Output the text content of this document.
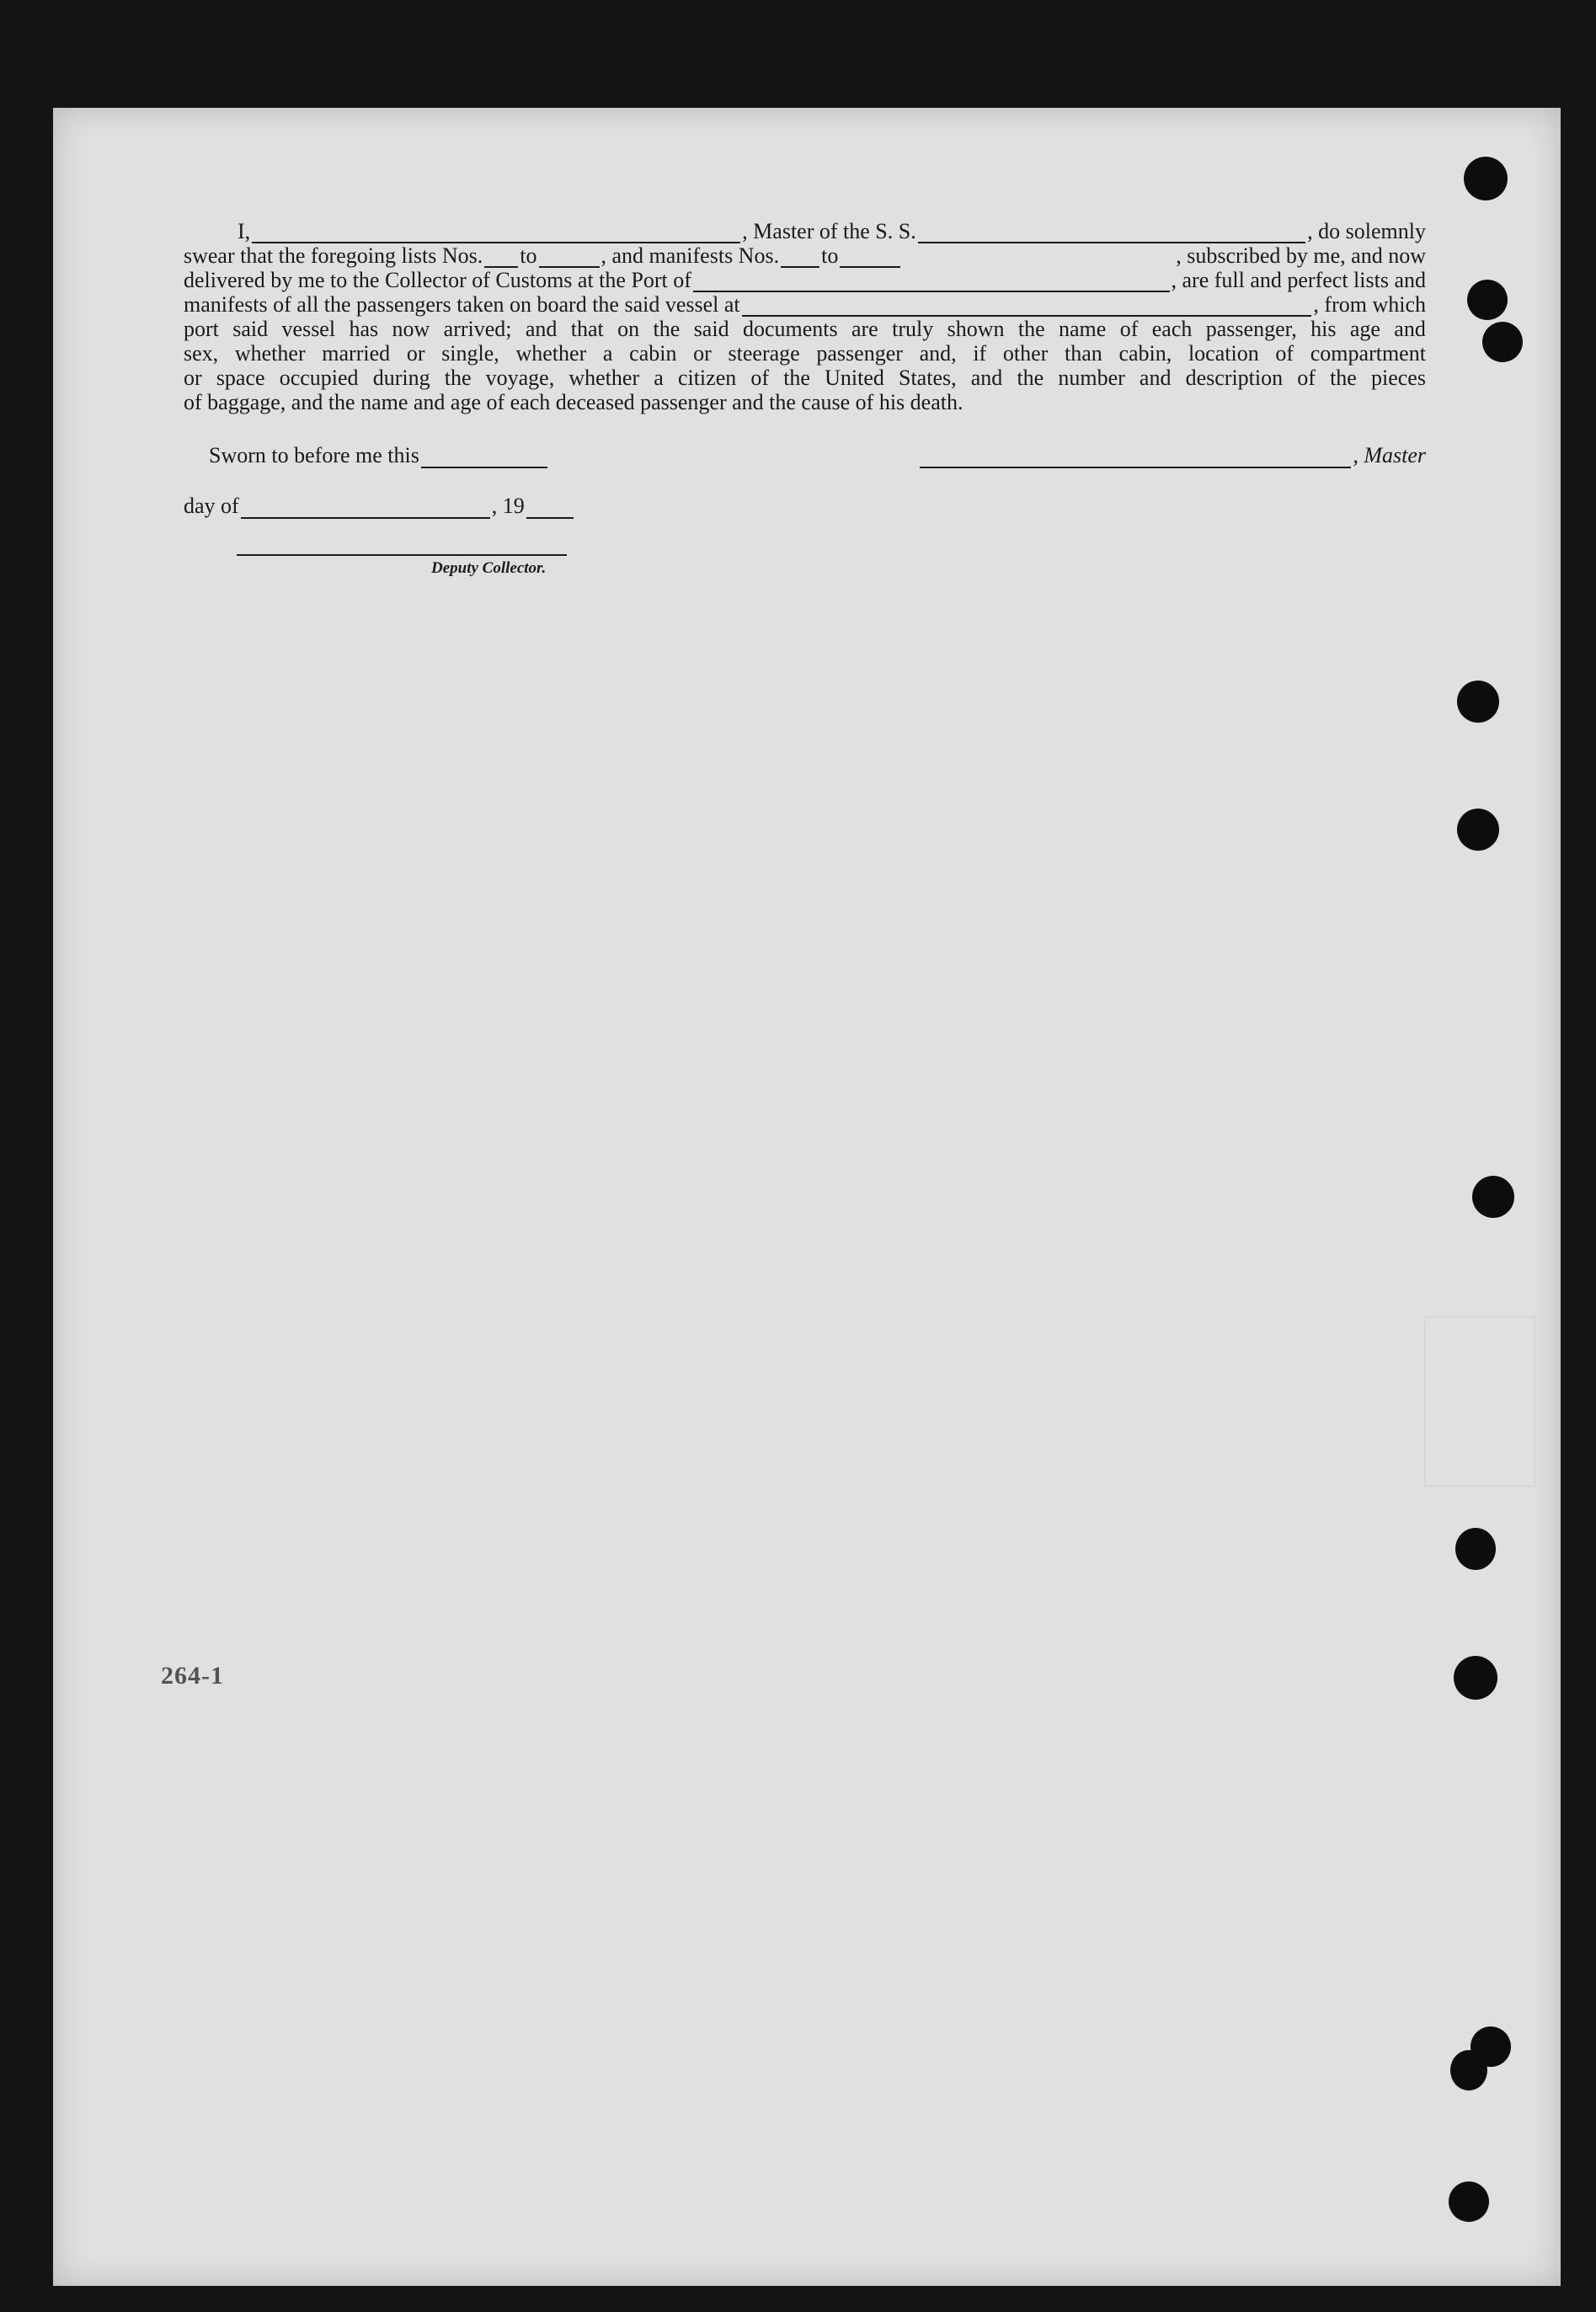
I,	, Master of the S. S.	, do solemnly
swear that the foregoing lists Nos. to	, and manifests Nos. to	, subscribed by me, and now
delivered by me to the Collector of Customs at the Port of	, are full and perfect lists and
manifests of all the passengers taken on board the said vessel at	, from which
port said vessel has now arrived; and that on the said documents are truly shown the name of each passenger, his age and
sex, whether married or single, whether a cabin or steerage passenger and, if other than cabin, location of compartment
or space occupied during the voyage, whether a citizen of the United States, and the number and description of the pieces
of baggage, and the name and age of each deceased passenger and the cause of his death.
Sworn to before me this	, Master
day of	, 19
Deputy Collector.
264-1
